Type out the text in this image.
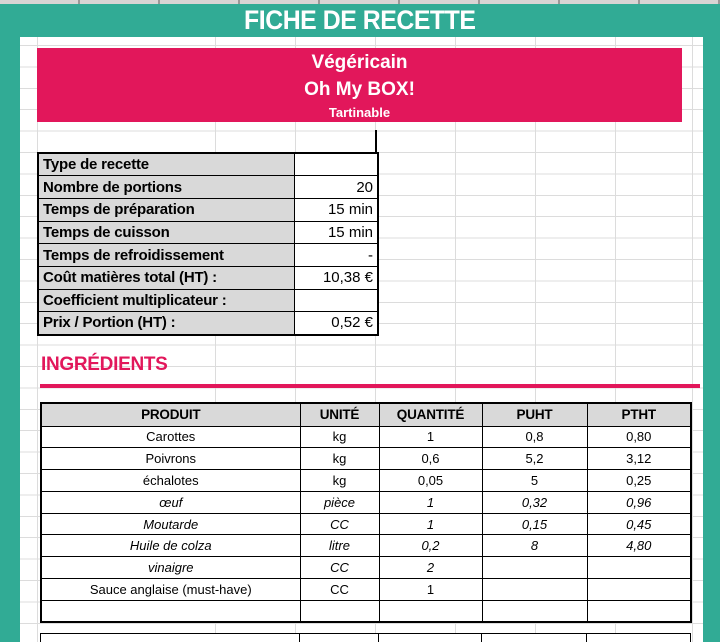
FICHE DE RECETTE
Végéricain
Oh My BOX!
Tartinable
Type de recette	
Nombre de portions	20
Temps de préparation	15 min
Temps de cuisson	15 min
Temps de refroidissement	-
Coût matières total (HT) :	10,38 €
Coefficient multiplicateur :	
Prix / Portion (HT) :	0,52 €
INGRÉDIENTS
PRODUIT	UNITÉ	QUANTITÉ	PUHT	PTHT
Carottes	kg	1	0,8	0,80
Poivrons	kg	0,6	5,2	3,12
échalotes	kg	0,05	5	0,25
œuf	pièce	1	0,32	0,96
Moutarde	CC	1	0,15	0,45
Huile de colza	litre	0,2	8	4,80
vinaigre	CC	2		
Sauce anglaise (must-have)	CC	1		
